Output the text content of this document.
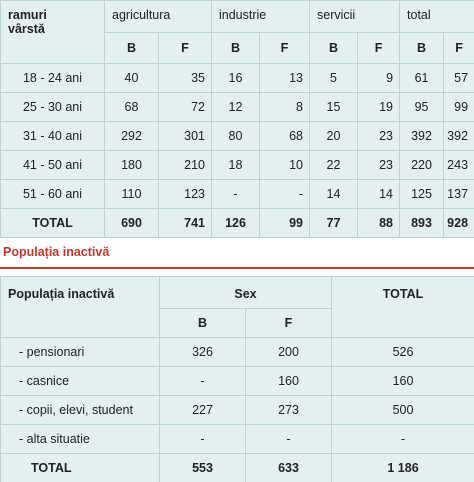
ramuri
vârstă	agricultura		industrie		servicii		total	
	B	F	B	F	B	F	B	F
18 - 24 ani	40	35	16	13	5	9	61	57
25 - 30 ani	68	72	12	8	15	19	95	99
31 - 40 ani	292	301	80	68	20	23	392	392
41 - 50 ani	180	210	18	10	22	23	220	243
51 - 60 ani	110	123	-	-	14	14	125	137
TOTAL	690	741	126	99	77	88	893	928
Populația inactivă
Populația inactivă	Sex		TOTAL
	B	F	
- pensionari	326	200	526
- casnice	-	160	160
- copii, elevi, student	227	273	500
- alta situatie	-	-	-
TOTAL	553	633	1 186
